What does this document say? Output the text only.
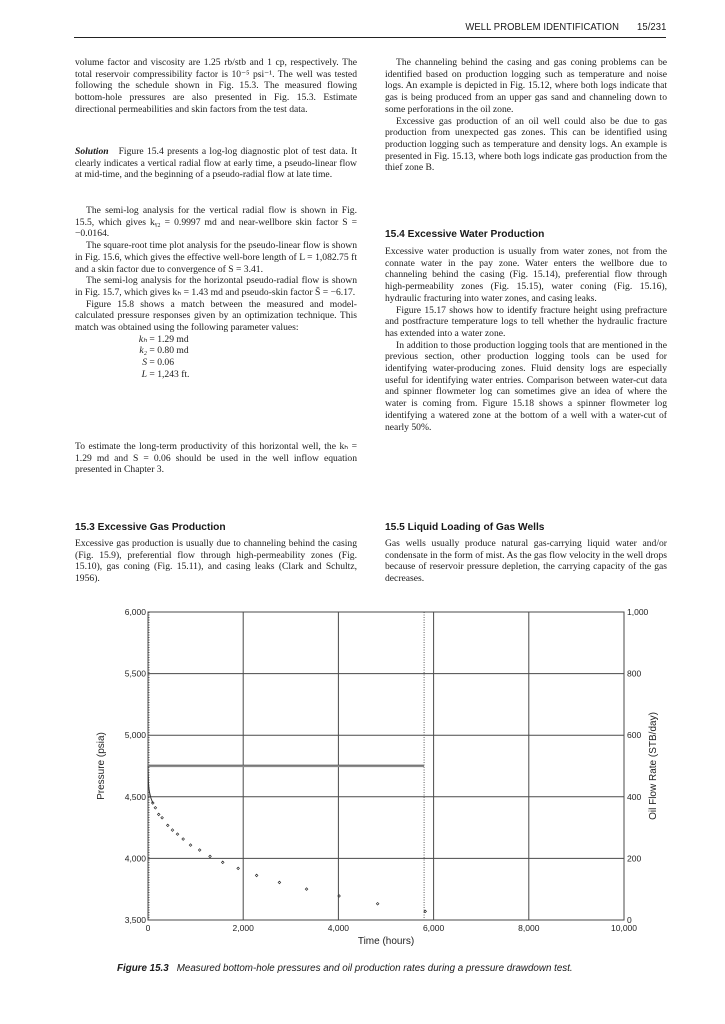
WELL PROBLEM IDENTIFICATION 15/231

volume factor and viscosity are 1.25 rb/stb and 1 cp, respectively. The total reservoir compressibility factor is 10⁻⁵ psi⁻¹. The well was tested following the schedule shown in Fig. 15.3. The measured flowing bottom-hole pressures are also presented in Fig. 15.3. Estimate directional permeabilities and skin factors from the test data.

Solution Figure 15.4 presents a log-log diagnostic plot of test data. It clearly indicates a vertical radial flow at early time, a pseudo-linear flow at mid-time, and the beginning of a pseudo-radial flow at late time.

The semi-log analysis for the vertical radial flow is shown in Fig. 15.5, which gives kᵧ₂ = 0.9997 md and near-wellbore skin factor S = −0.0164.

The square-root time plot analysis for the pseudo-linear flow is shown in Fig. 15.6, which gives the effective well-bore length of L = 1,082.75 ft and a skin factor due to convergence of S = 3.41.

The semi-log analysis for the horizontal pseudo-radial flow is shown in Fig. 15.7, which gives kₕ = 1.43 md and pseudo-skin factor S̄ = −6.17.

Figure 15.8 shows a match between the measured and model-calculated pressure responses given by an optimization technique. This match was obtained using the following parameter values:

kₕ = 1.29 md
k₂ = 0.80 md
S = 0.06
L = 1,243 ft.

To estimate the long-term productivity of this horizontal well, the kₕ = 1.29 md and S = 0.06 should be used in the well inflow equation presented in Chapter 3.

15.3 Excessive Gas Production

Excessive gas production is usually due to channeling behind the casing (Fig. 15.9), preferential flow through high-permeability zones (Fig. 15.10), gas coning (Fig. 15.11), and casing leaks (Clark and Schultz, 1956).

The channeling behind the casing and gas coning problems can be identified based on production logging such as temperature and noise logs. An example is depicted in Fig. 15.12, where both logs indicate that gas is being produced from an upper gas sand and channeling down to some perforations in the oil zone.

Excessive gas production of an oil well could also be due to gas production from unexpected gas zones. This can be identified using production logging such as temperature and density logs. An example is presented in Fig. 15.13, where both logs indicate gas production from the thief zone B.

15.4 Excessive Water Production

Excessive water production is usually from water zones, not from the connate water in the pay zone. Water enters the wellbore due to channeling behind the casing (Fig. 15.14), preferential flow through high-permeability zones (Fig. 15.15), water coning (Fig. 15.16), hydraulic fracturing into water zones, and casing leaks.

Figure 15.17 shows how to identify fracture height using prefracture and postfracture temperature logs to tell whether the hydraulic fracture has extended into a water zone.

In addition to those production logging tools that are mentioned in the previous section, other production logging tools can be used for identifying water-producing zones. Fluid density logs are especially useful for identifying water entries. Comparison between water-cut data and spinner flowmeter log can sometimes give an idea of where the water is coming from. Figure 15.18 shows a spinner flowmeter log identifying a watered zone at the bottom of a well with a water-cut of nearly 50%.

15.5 Liquid Loading of Gas Wells

Gas wells usually produce natural gas-carrying liquid water and/or condensate in the form of mist. As the gas flow velocity in the well drops because of reservoir pressure depletion, the carrying capacity of the gas decreases.

0	2,000	4,000	6,000	8,000	10,000
3,500	0
4,000	200
4,500	400
5,000	600
5,500	800
6,000	1,000
Time (hours)
Pressure (psia)	Oil Flow Rate (STB/day)
Figure 15.3 Measured bottom-hole pressures and oil production rates during a pressure drawdown test.
